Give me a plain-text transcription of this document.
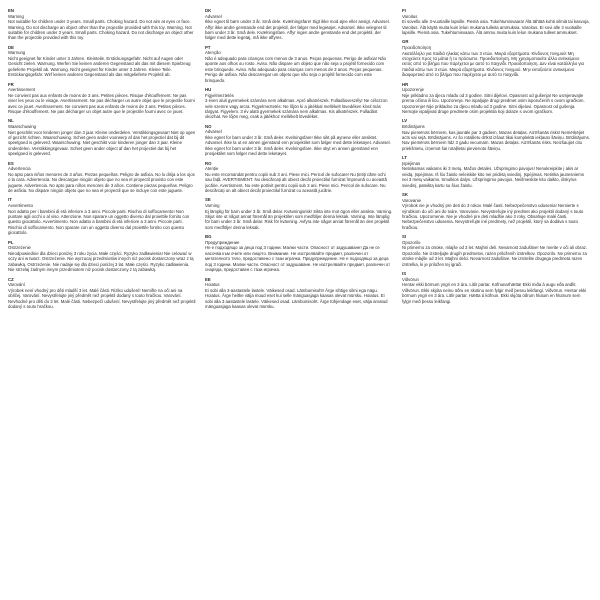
EN
Warning
Not suitable for children under 3 years. Small parts. Choking hazard. Do not aim at eyes or face. Warning. Do not discharge an object other than the projectile provided with this toy. Warning. Not suitable for children under 3 years. Small parts. Choking hazard. Do not discharge an object other than the projectile provided with this toy.
DE
Warnung
Nicht geeignet für Kinder unter 3 Jahren. Kleinteile. Erstickungsgefahr. Nicht auf Augen oder Gesicht zielen. Warnung. Werfen Sie keinen anderen Gegenstand als das mit diesem Spielzeug gelieferte Projektil ab. Warnung. Nicht geeignet für Kinder unter 3 Jahren. Kleine Teile. Erstickungsgefahr. Wirf keinen anderen Gegenstand als das mitgelieferte Projektil ab.
FR
Avertissement
Ne convient pas aux enfants de moins de 3 ans. Petites pièces. Risque d'étouffement. Ne pas viser les yeux ou le visage. Avertissement. Ne pas décharger un autre objet que le projectile fourni avec ce jouet. Avertissement. Ne convient pas aux enfants de moins de 3 ans. Petites pièces. Risque d'étouffement. Ne pas décharger un objet autre que le projectile fourni avec ce jouet.
NL
Waarschuwing
Niet geschikt voor kinderen jonger dan 3 jaar. Kleine onderdelen. Verstikkingsgevaar! Niet op ogen of gezicht richten. Waarschuwing. Schiet geen ander voorwerp af dan het projectiel dat bij dit speelgoed is geleverd. Waarschuwing. Niet geschikt voor kinderen jonger dan 3 jaar. Kleine onderdelen. Verstikkingsgevaar. Schiet geen ander object af dan het projectiel dat bij het speelgoed is geleverd.
ES
Advertencia
No apto para niños menores de 3 años. Piezas pequeñas. Peligro de asfixia. No lo dirija a los ojos o la cara. Advertencia. No descargue ningún objeto que no sea el proyectil provisto con este juguete. Advertencia. No apto para niños menores de 3 años. Contiene piezas pequeñas. Peligro de asfixia. No dispare ningún objeto que no sea el proyectil que se incluye con este juguete.
IT
Avvertimento
Non adatto per i bambini di età inferiore a 3 anni. Piccole parti. Rischio di soffocamento! Non puntare agli occhi o al viso. Attenzione. Non sparare un oggetto diverso dal proiettile fornito con questo giocattolo. Avvertimento. Non adatto a bambini di età inferiore a 3 anni. Piccole parti. Rischio di soffocamento. Non sparare con un oggetto diverso dal proiettile fornito con questo giocattolo.
PL
Ostrzeżenie
Nieodpowiednie dla dzieci poniżej 3 roku życia. Małe części. Ryzyko zadławienia! Nie celować w oczy ani w twarz. Ostrzeżenie. Nie wyrzucaj przedmiotów innych niż pocisk dostarczony wraz z tą zabawką. Ostrzeżenie. Nie nadaje się dla dzieci poniżej 3 lat. Małe części. Ryzyko zadławienia. Nie strzelaj żadnym innym przedmiotem niż pocisk dostarczony z tą zabawką.
CZ
Varování
Výrobek není vhodný pro děti mladší 3 let. Malé části. Riziko udušení! Nemiřte na oči ani na obličej. Varování. Nevystřelujte jiný předmět než projektil dodaný s touto hračkou. Varování. Nevhodné pro děti do 3 let. Malé části. Nebezpečí udušení. Nevystřelujte jiný předmět než projektil dodaný s touto hračkou.
DK
Advarsel
Ikke egnet til børn under 3 år. Små dele. Kvælningsfare! Sigt ikke mod øjne eller ansigt. Advarsel. Affyr ikke andre genstande end det projektil, der følger med legetøjet. Advarsel. Ikke velegnet til børn under 3 år. Små dele. Kvælningsfare. Affyr ingen andre genstande end det projektil, der følger med dette legetøj, må ikke affyres.
PT
Atenção
Não é adequado para crianças com menos de 3 anos. Peças pequenas. Perigo de asfixia! Não aponte aos olhos ou rosto. Aviso. Não dispare um objeto que não seja o projétil fornecido com este brinquedo. Aviso. Não adequado para crianças com menos de 3 anos. Peças pequenas. Perigo de asfixia. Não descarregar um objeto que não seja o projétil fornecido com este brinquedo.
HU
Figyelmeztetés
3 éven aluli gyermekek számára nem alkalmas. Apró alkatrészek. Fulladásveszély! Ne célozzon vele szemre vagy arcra. Figyelmeztetés: Ne lőjön ki a játékkal mellékelt lövedéken kívül más tárgyat. Figyelem. 3 év alatti gyermekek számára nem alkalmas. Kis alkatrészek. Fulladást okozhat. Ne lőjön meg, csak a játékhoz mellékelt lövedéket.
NO
Advarsel
Ikke egnet for barn under 3 år. Små deler. Kvelningsfare! Ikke sikt på øynene eller ansiktet. Advarsel. Ikke la ut en annen gjenstand enn prosjektilet som følger med dette leketøyet. Advarsel. Ikke egnet for barn under 3 år. Små deler. Kvelningsfare. Ikke skyt en annen gjenstand enn prosjektilet som følger med dette leketøyet.
RO
Atenție
Nu este recomandat pentru copiii sub 3 ani. Piese mici. Pericol de sufocare! Nu țintiți către ochi sau față. AVERTISMENT. Nu descărcați alt obiect decât proiectilul furnizat împreună cu această jucărie. Avertisment. Nu este potrivit pentru copiii sub 3 ani. Piese mici. Pericol de sufocare. Nu descărcați un alt obiect decât proiectilul furnizat cu această jucărie.
SE
Varning
Ej lämplig för barn under 3 år. Små delar. Kvävningsrisk! Sikta inte mot ögon eller ansikte. Varning. Skjut inte ut något annat föremål än projektilen som medföljer denna leksak. Varning. Inte lämplig för barn under 3 år. Små delar. Risk för kvävning. Avfyra inte något annat föremål än den projektil som medföljer denna leksak.
BG
Предупреждение
Не е подходящо за деца под 3 години. Малки части. Опасност от задушаване! Да не се насочва към очите или лицето. Внимание. Не изстрелвайте предмет, различен от метателното тяло, предоставено с тази играчка. Предупреждение. Не е подходящо за деца под 3 години. Малки части. Опасност от задушаване. Не изстрелвайте предмет, различен от снаряда, предоставен с тази играчка.
EE
Hoiatus
Ei sobi alla 3-aastastele lastele. Väikesed osad. Lämbumisoht! Ärge sihtige silmi ega nägu. Hoiatus. Ärge heitke välja muud eset kui selle mänguasjaga kaasas olevat mürsku. Hoiatus. Ei sobi alla 3 aastastele lastele. Väikesed osad. Lämbumisoht. Ärge tühjendage eset, välja arvatud mänguasjaga kaasas olevat mürsku.
FI
Varoitus
Ei sovellu alle 3-vuotiaille lapsille. Pieniä osia. Tukehtumisvaara! Älä tähtää kohti silmiä tai kasvoja. Varoitus. Älä käytä muita kuin lelun mukana tulleita ammuksia. Varoitus. Ei sovi alle 3 vuotiaille lapsille. Pieniä osia. Tukehtumisvaara. Älä ammu muita kuin lelun mukana tulleet ammukset.
GR
Προειδοποίηση
Ακατάλληλο για παιδιά ηλικίας κάτω των 3 ετών. Μικρά εξαρτήματα. Κίνδυνος πνιγμού! Μη στοχεύετε προς τα μάτια ή το πρόσωπο. Προειδοποίηση. Μη χρησιμοποιείτε άλλο αντικείμενο εκτός από το βλήμα που παρέχεται με αυτό το παιχνίδι. Προειδοποίηση. Δεν είναι κατάλληλο για παιδιά κάτω των 3 ετών. Μικρά εξαρτήματα. Κίνδυνος πνιγμού. Μην εκτοξεύετε αντικείμενο διαφορετικό από το βλήμα που παρέχεται με αυτό το παιχνίδι.
HR
Upozorenje
Nije prikladno za djecu mlađu od 3 godine. Sitni dijelovi. Opasnost od gušenja! Ne usmjeravajte prema očima ili licu. Upozorenje. Ne ispaljujte drugi predmet osim isporučenih s ovom igračkom. Upozorenje! Nije prikladno za djecu mlađu od 3 godine. Sitni dijelovi. Opasnost od gušenja. Nemojte ispaljivati druge predmete osim projektila koji dolaze s ovom igračkom.
LV
Brīdinājums
Nav piemērots bērniem, kas jaunāki par 3 gadiem. Mazas detaļas. Aizrīšanās risks! Nemērķējiet acīs vai sejā. Brīdinājums. Ar šo rotaļlietu drīkst izšaut tikai komplektā iekļauto šāviņu. Brīdinājums. Nav piemērots bērniem līdz 3 gadu vecumam. Mazas detaļas. Aizrīšanās risks. Neizšaujiet citu priekšmetu, izņemot šai rotaļlietai pievienoto šāviņu.
LT
Įspėjimas
Netinkamas vaikams iki 3 metų. Mažos detalės. Užspringimo pavojus! Nenukreipkite į akis ar veidą. Įspėjimas. Iš šio žaislo neleiskite kito nei pridėtą sviedinį. Įspėjimas. Netinka jaunesniems nei 3 metų vaikams. Smulkios dalys. Užspringimo pavojus. Neišmeskite kito daikto, išskyrus sviedinį, pateiktą kartu su šiuo žaislu.
SK
Varovanie
Výrobok nie je vhodný pre deti do 3 rokov. Malé časti. Nebezpečenstvo udusenia! Nemierte s výrobkom do očí ani do tváre. Varovanie. Nevystreľujte iný predmet ako projektil dodaný s touto hračkou. Upozornenie. Nie je vhodné pre deti mladšie ako 3 roky. Obsahuje malé časti. Nebezpečenstvo udusenia. Nevystreľujte iné predmety, než projektil, ktorý sa dodáva s touto hračkou.
SI
Opozorilo
Ni primerno za otroke, mlajše od 3 let. Majhni deli. Nevarnost zadušitve! Ne merite v oči ali obraz. Opozorilo. Ne izstreljujte drugih predmetov, razen priloženih izstrelkov. Opozorilo. Ne primerno za otroke mlajše od 3 let. Majhni delci. Nevarnost zadušitve. Ne izstrelite drugega predmeta razen izstrelka, ki je priložen tej igrači.
IS
Viðvörun
Hentar ekki börnum yngri en 3 ára. Litlir partar. Köfnunarhætta! Ekki miða á augu eða andlit. Viðvörun. Ekki skjóta neinu öðru en skotinu sem fylgir með þessu leikfangi. Viðvörun. Hentar ekki börnum yngri en 3 ára. Litlir partar. Hætta á köfnun. Ekki skjóta öðrum hlutum en hlutnum sem fylgir með þessu leikfangi.
